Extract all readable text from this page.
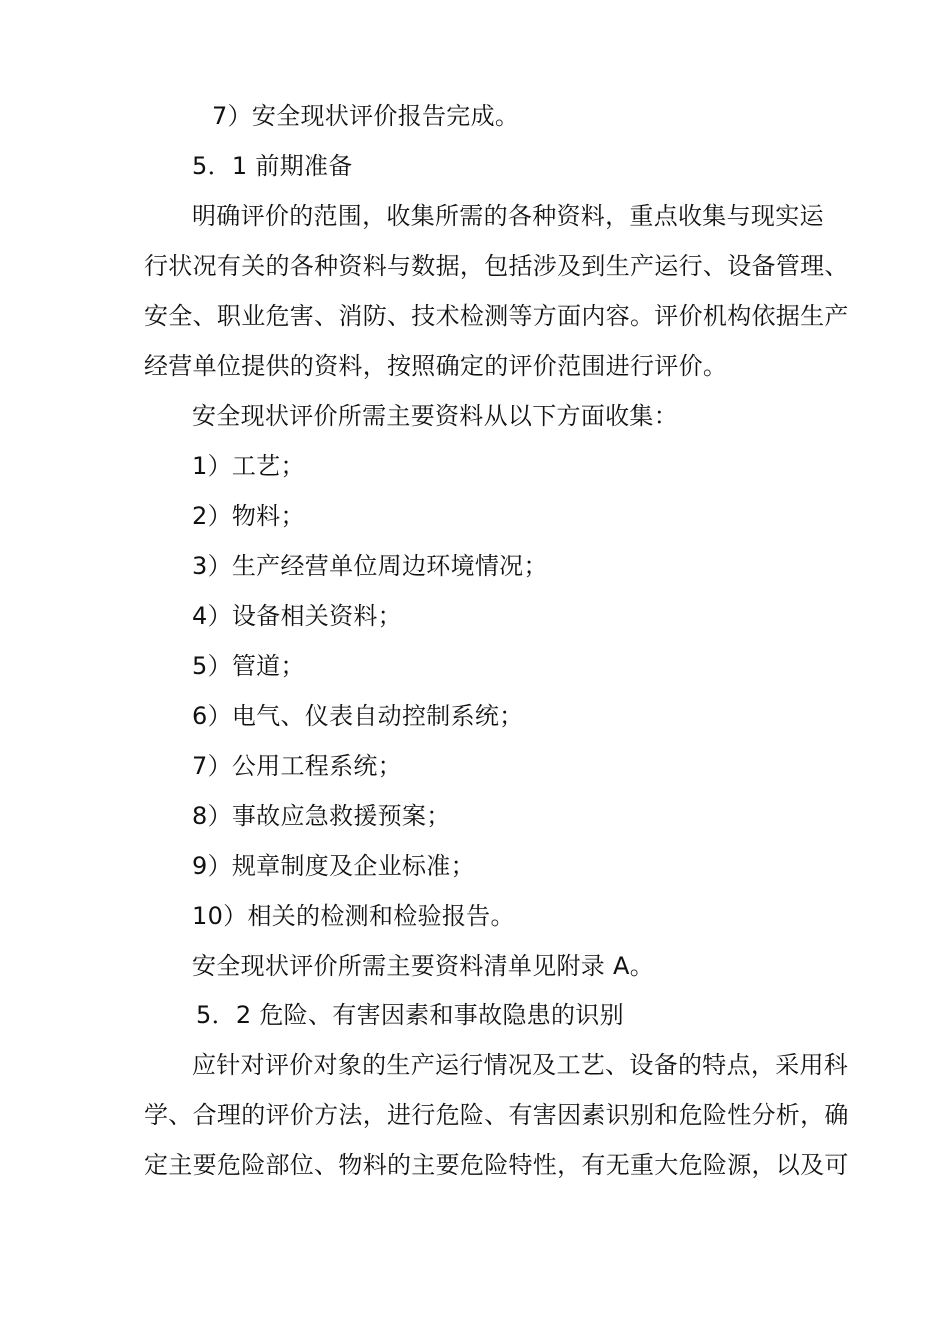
7）安全现状评价报告完成。

5．1 前期准备

明确评价的范围，收集所需的各种资料，重点收集与现实运

行状况有关的各种资料与数据，包括涉及到生产运行、设备管理、

安全、职业危害、消防、技术检测等方面内容。评价机构依据生产

经营单位提供的资料，按照确定的评价范围进行评价。

安全现状评价所需主要资料从以下方面收集：

1）工艺；

2）物料；

3）生产经营单位周边环境情况；

4）设备相关资料；

5）管道；

6）电气、仪表自动控制系统；

7）公用工程系统；

8）事故应急救援预案；

9）规章制度及企业标准；

10）相关的检测和检验报告。

安全现状评价所需主要资料清单见附录 A。

5．2 危险、有害因素和事故隐患的识别

应针对评价对象的生产运行情况及工艺、设备的特点，采用科

学、合理的评价方法，进行危险、有害因素识别和危险性分析，确

定主要危险部位、物料的主要危险特性，有无重大危险源，以及可
